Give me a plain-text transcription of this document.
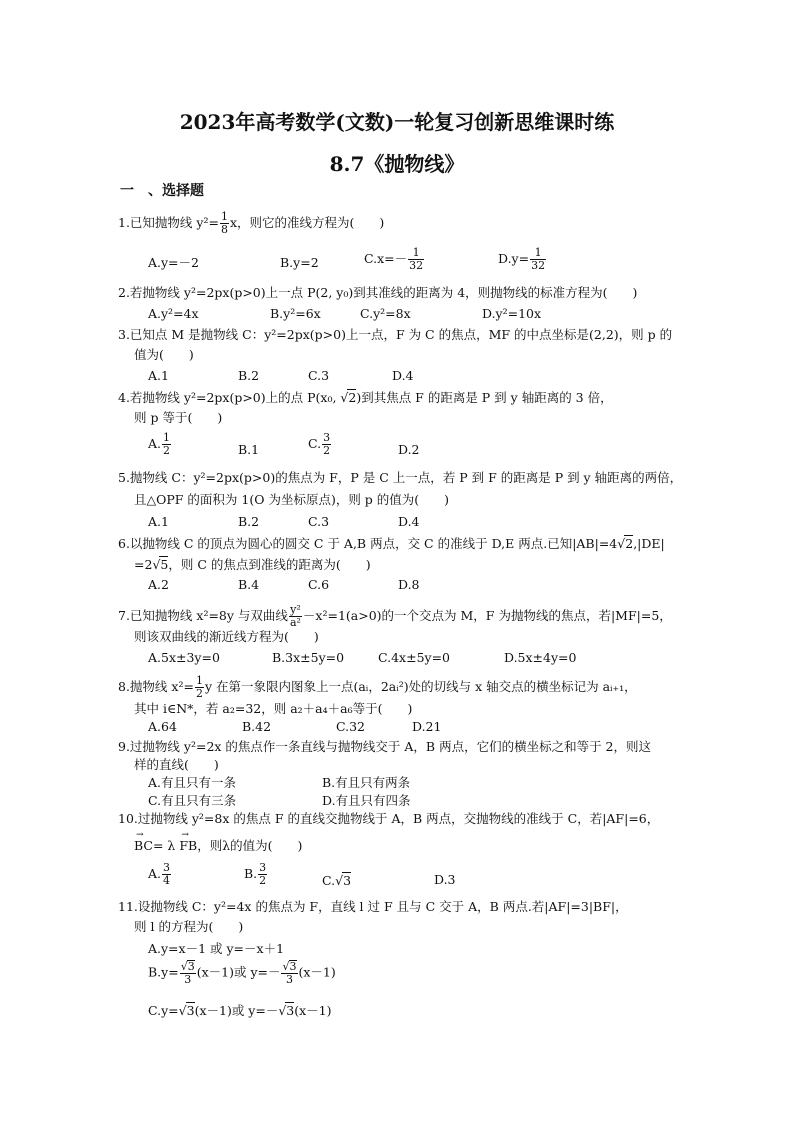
2023年高考数学(文数)一轮复习创新思维课时练
8.7《抛物线》
一　、选择题
1.已知抛物线 $y^2= \frac{1}{8}$ x，则它的准线方程为(　　)
A.y=－2	B.y=2	$C.x=- \frac{1}{32}$	$D.y= \frac{1}{32}$
2.若抛物线 y²=2px(p>0)上一点 P(2, y₀)到其准线的距离为 4，则抛物线的标准方程为(　　)
A.y²=4x	B.y²=6x	C.y²=8x	D.y²=10x
3.已知点 M 是抛物线 C：y²=2px(p>0)上一点，F 为 C 的焦点，MF 的中点坐标是(2,2)，则 p 的
值为(　　)
A.1	B.2	C.3	D.4
4.若抛物线 y²=2px(p>0)上的点 P(x₀, √2)到其焦点 F 的距离是 P 到 y 轴距离的 3 倍，
则 p 等于(　　)
A. $\frac{1}{2}$	B.1	C. $\frac{3}{2}$	D.2
5.抛物线 C：y²=2px(p>0)的焦点为 F，P 是 C 上一点，若 P 到 F 的距离是 P 到 y 轴距离的两倍，
且△OPF 的面积为 1(O 为坐标原点)，则 p 的值为(　　)
A.1	B.2	C.3	D.4
6.以抛物线 C 的顶点为圆心的圆交 C 于 A,B 两点，交 C 的准线于 D,E 两点.已知|AB|=4√2,|DE|
=2√5，则 C 的焦点到准线的距离为(　　)
A.2	B.4	C.6	D.8
7.已知抛物线 x²=8y 与双曲线 $\frac{\text{y²}}{\text{a²}} -x^2=1(a>0)$的一个交点为 M，F 为抛物线的焦点，若|MF|=5，
则该双曲线的渐近线方程为(　　)
A.5x±3y=0	B.3x±5y=0	C.4x±5y=0	D.5x±4y=0
8.抛物线 $x^2= \frac{1}{2}$ y 在第一象限内图象上一点(aᵢ，2aᵢ²)处的切线与 x 轴交点的横坐标记为 aᵢ₊₁，
其中 i∈N*，若 a₂=32，则 a₂＋a₄＋a₆等于(　　)
A.64	B.42	C.32	D.21
9.过抛物线 y²=2x 的焦点作一条直线与抛物线交于 A，B 两点，它们的横坐标之和等于 2，则这
样的直线(　　)
A.有且只有一条	B.有且只有两条
C.有且只有三条	D.有且只有四条
10.过抛物线 y²=8x 的焦点 F 的直线交抛物线于 A，B 两点，交抛物线的准线于 C，若|AF|=6，
→ BC= λ → FB，则λ的值为(　　)
A. $\frac{3}{4}$	B. $\frac{3}{2}$	C.√3	D.3
11.设抛物线 C：y²=4x 的焦点为 F，直线 l 过 F 且与 C 交于 A，B 两点.若|AF|=3|BF|，
则 l 的方程为(　　)
A.y=x－1 或 y=－x＋1
$B.y= \frac{√3}{3} (x-1)$或 $y=- \frac{√3}{3} (x-1)$
C.y=√3(x－1)或 y=－√3(x－1)
